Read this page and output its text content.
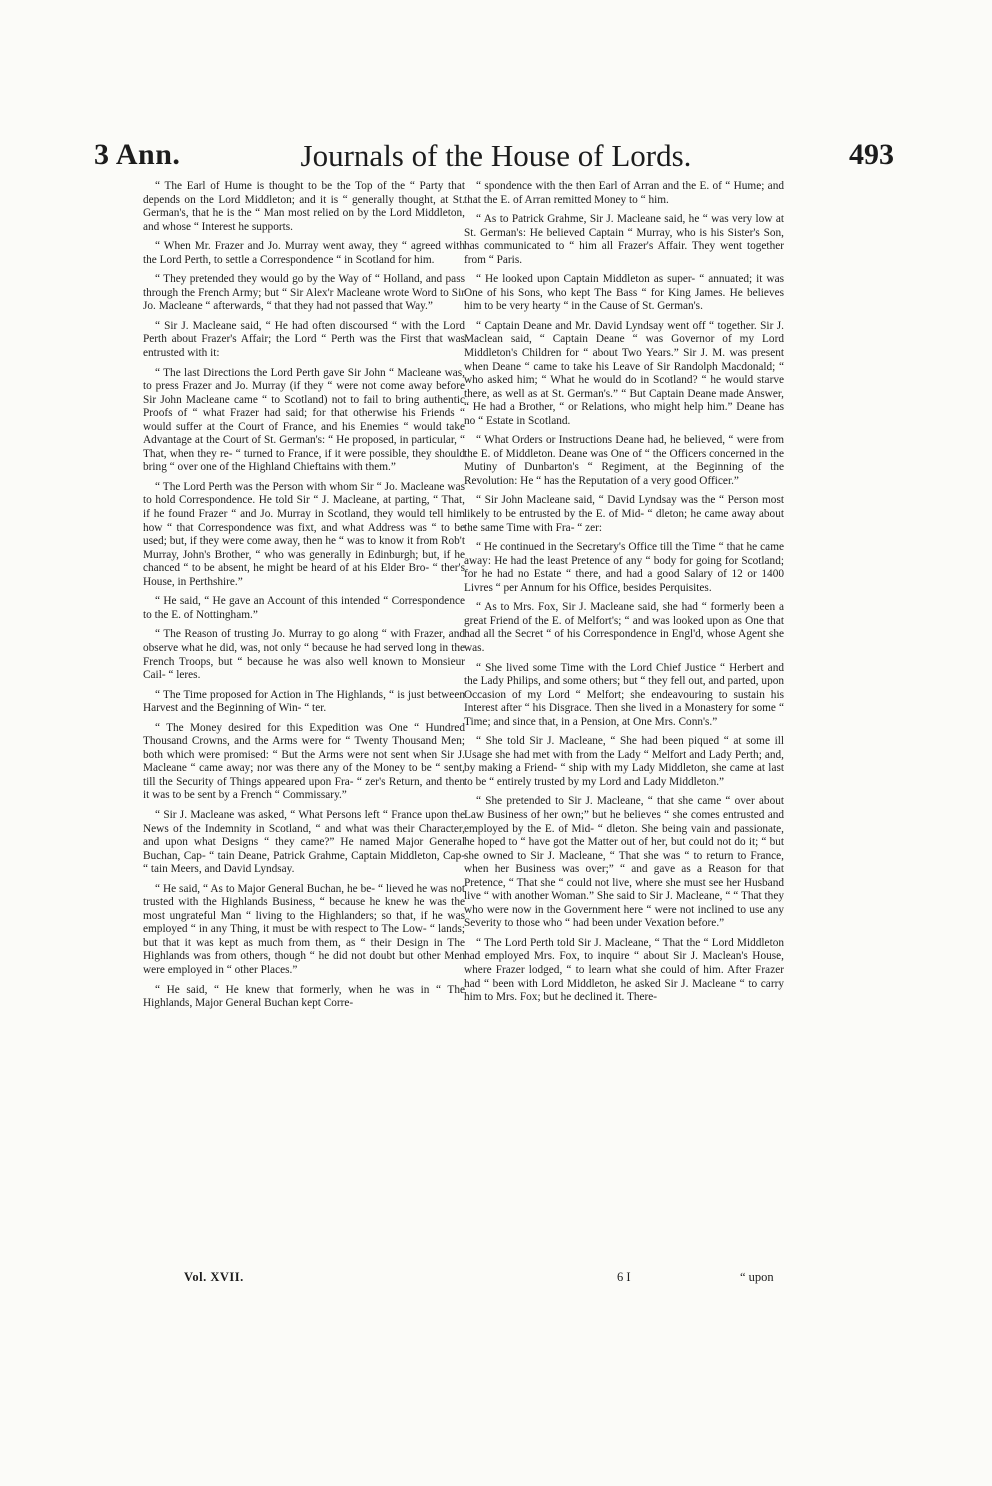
3 Ann.	Journals of the House of Lords.	493

“ The Earl of Hume is thought to be the Top of the “ Party that depends on the Lord Middleton; and it is “ generally thought, at St. German's, that he is the “ Man most relied on by the Lord Middleton, and whose “ Interest he supports.

“ When Mr. Frazer and Jo. Murray went away, they “ agreed with the Lord Perth, to settle a Correspondence “ in Scotland for him.

“ They pretended they would go by the Way of “ Holland, and pass through the French Army; but “ Sir Alex'r Macleane wrote Word to Sir Jo. Macleane “ afterwards, “ that they had not passed that Way.”

“ Sir J. Macleane said, “ He had often discoursed “ with the Lord Perth about Frazer's Affair; the Lord “ Perth was the First that was entrusted with it:

“ The last Directions the Lord Perth gave Sir John “ Macleane was, to press Frazer and Jo. Murray (if they “ were not come away before Sir John Macleane came “ to Scotland) not to fail to bring authentic Proofs of “ what Frazer had said; for that otherwise his Friends “ would suffer at the Court of France, and his Enemies “ would take Advantage at the Court of St. German's: “ He proposed, in particular, “ That, when they re- “ turned to France, if it were possible, they should bring “ over one of the Highland Chieftains with them.”

“ The Lord Perth was the Person with whom Sir “ Jo. Macleane was to hold Correspondence. He told Sir “ J. Macleane, at parting, “ That, if he found Frazer “ and Jo. Murray in Scotland, they would tell him how “ that Correspondence was fixt, and what Address was “ to be used; but, if they were come away, then he “ was to know it from Rob't Murray, John's Brother, “ who was generally in Edinburgh; but, if he chanced “ to be absent, he might be heard of at his Elder Bro- “ ther's House, in Perthshire.”

“ He said, “ He gave an Account of this intended “ Correspondence to the E. of Nottingham.”

“ The Reason of trusting Jo. Murray to go along “ with Frazer, and observe what he did, was, not only “ because he had served long in the French Troops, but “ because he was also well known to Monsieur Cail- “ leres.

“ The Time proposed for Action in The Highlands, “ is just between Harvest and the Beginning of Win- “ ter.

“ The Money desired for this Expedition was One “ Hundred Thousand Crowns, and the Arms were for “ Twenty Thousand Men; both which were promised: “ But the Arms were not sent when Sir J. Macleane “ came away; nor was there any of the Money to be “ sent, till the Security of Things appeared upon Fra- “ zer's Return, and then it was to be sent by a French “ Commissary.”

“ Sir J. Macleane was asked, “ What Persons left “ France upon the News of the Indemnity in Scotland, “ and what was their Character, and upon what Designs “ they came?” He named Major General Buchan, Cap- “ tain Deane, Patrick Grahme, Captain Middleton, Cap- “ tain Meers, and David Lyndsay.

“ He said, “ As to Major General Buchan, he be- “ lieved he was not trusted with the Highlands Business, “ because he knew he was the most ungrateful Man “ living to the Highlanders; so that, if he was employed “ in any Thing, it must be with respect to The Low- “ lands; but that it was kept as much from them, as “ their Design in The Highlands was from others, though “ he did not doubt but other Men were employed in “ other Places.”

“ He said, “ He knew that formerly, when he was in “ The Highlands, Major General Buchan kept Corre-

“ spondence with the then Earl of Arran and the E. of “ Hume; and that the E. of Arran remitted Money to “ him.

“ As to Patrick Grahme, Sir J. Macleane said, he “ was very low at St. German's: He believed Captain “ Murray, who is his Sister's Son, has communicated to “ him all Frazer's Affair. They went together from “ Paris.

“ He looked upon Captain Middleton as super- “ annuated; it was One of his Sons, who kept The Bass “ for King James. He believes him to be very hearty “ in the Cause of St. German's.

“ Captain Deane and Mr. David Lyndsay went off “ together. Sir J. Maclean said, “ Captain Deane “ was Governor of my Lord Middleton's Children for “ about Two Years.” Sir J. M. was present when Deane “ came to take his Leave of Sir Randolph Macdonald; “ who asked him; “ What he would do in Scotland? “ he would starve there, as well as at St. German's.” “ But Captain Deane made Answer, “ He had a Brother, “ or Relations, who might help him.” Deane has no “ Estate in Scotland.

“ What Orders or Instructions Deane had, he believed, “ were from the E. of Middleton. Deane was One of “ the Officers concerned in the Mutiny of Dunbarton's “ Regiment, at the Beginning of the Revolution: He “ has the Reputation of a very good Officer.”

“ Sir John Macleane said, “ David Lyndsay was the “ Person most likely to be entrusted by the E. of Mid- “ dleton; he came away about the same Time with Fra- “ zer:

“ He continued in the Secretary's Office till the Time “ that he came away: He had the least Pretence of any “ body for going for Scotland; for he had no Estate “ there, and had a good Salary of 12 or 1400 Livres “ per Annum for his Office, besides Perquisites.

“ As to Mrs. Fox, Sir J. Macleane said, she had “ formerly been a great Friend of the E. of Melfort's; “ and was looked upon as One that had all the Secret “ of his Correspondence in Engl'd, whose Agent she was.

“ She lived some Time with the Lord Chief Justice “ Herbert and the Lady Philips, and some others; but “ they fell out, and parted, upon Occasion of my Lord “ Melfort; she endeavouring to sustain his Interest after “ his Disgrace. Then she lived in a Monastery for some “ Time; and since that, in a Pension, at One Mrs. Conn's.”

“ She told Sir J. Macleane, “ She had been piqued “ at some ill Usage she had met with from the Lady “ Melfort and Lady Perth; and, by making a Friend- “ ship with my Lady Middleton, she came at last to be “ entirely trusted by my Lord and Lady Middleton.”

“ She pretended to Sir J. Macleane, “ that she came “ over about Law Business of her own;” but he believes “ she comes entrusted and employed by the E. of Mid- “ dleton. She being vain and passionate, he hoped to “ have got the Matter out of her, but could not do it; “ but she owned to Sir J. Macleane, “ That she was “ to return to France, when her Business was over;” “ and gave as a Reason for that Pretence, “ That she “ could not live, where she must see her Husband live “ with another Woman.” She said to Sir J. Macleane, “ “ That they who were now in the Government here “ were not inclined to use any Severity to those who “ had been under Vexation before.”

“ The Lord Perth told Sir J. Macleane, “ That the “ Lord Middleton had employed Mrs. Fox, to inquire “ about Sir J. Maclean's House, where Frazer lodged, “ to learn what she could of him. After Frazer had “ been with Lord Middleton, he asked Sir J. Macleane “ to carry him to Mrs. Fox; but he declined it. There-

Vol. XVII.	6 I	“ upon
